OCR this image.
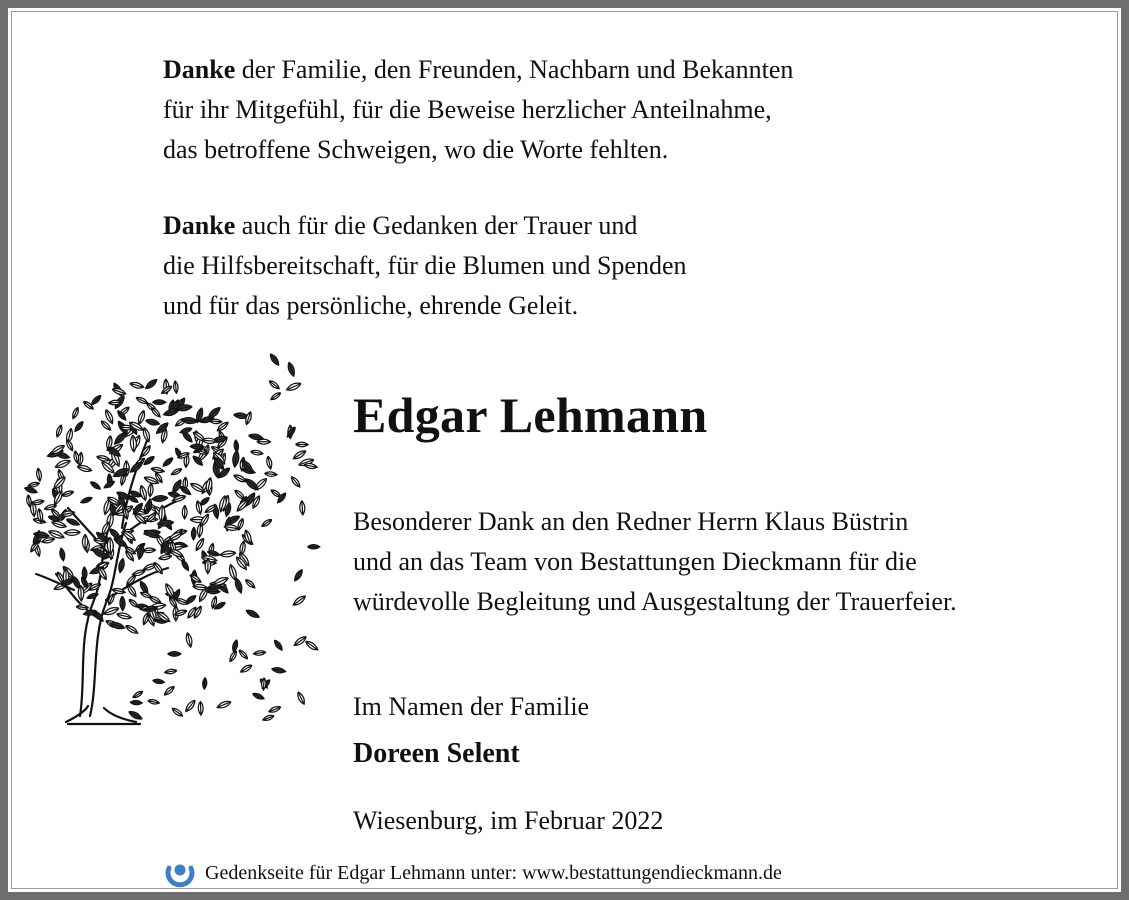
Danke der Familie, den Freunden, Nachbarn und Bekannten
für ihr Mitgefühl, für die Beweise herzlicher Anteilnahme,
das betroffene Schweigen, wo die Worte fehlten.

Danke auch für die Gedanken der Trauer und
die Hilfsbereitschaft, für die Blumen und Spenden
und für das persönliche, ehrende Geleit.

Edgar Lehmann
Besonderer Dank an den Redner Herrn Klaus Büstrin
und an das Team von Bestattungen Dieckmann für die
würdevolle Begleitung und Ausgestaltung der Trauerfeier.
Im Namen der Familie
Doreen Selent
Wiesenburg, im Februar 2022
Gedenkseite für Edgar Lehmann unter:
www.bestattungendieckmann.de
